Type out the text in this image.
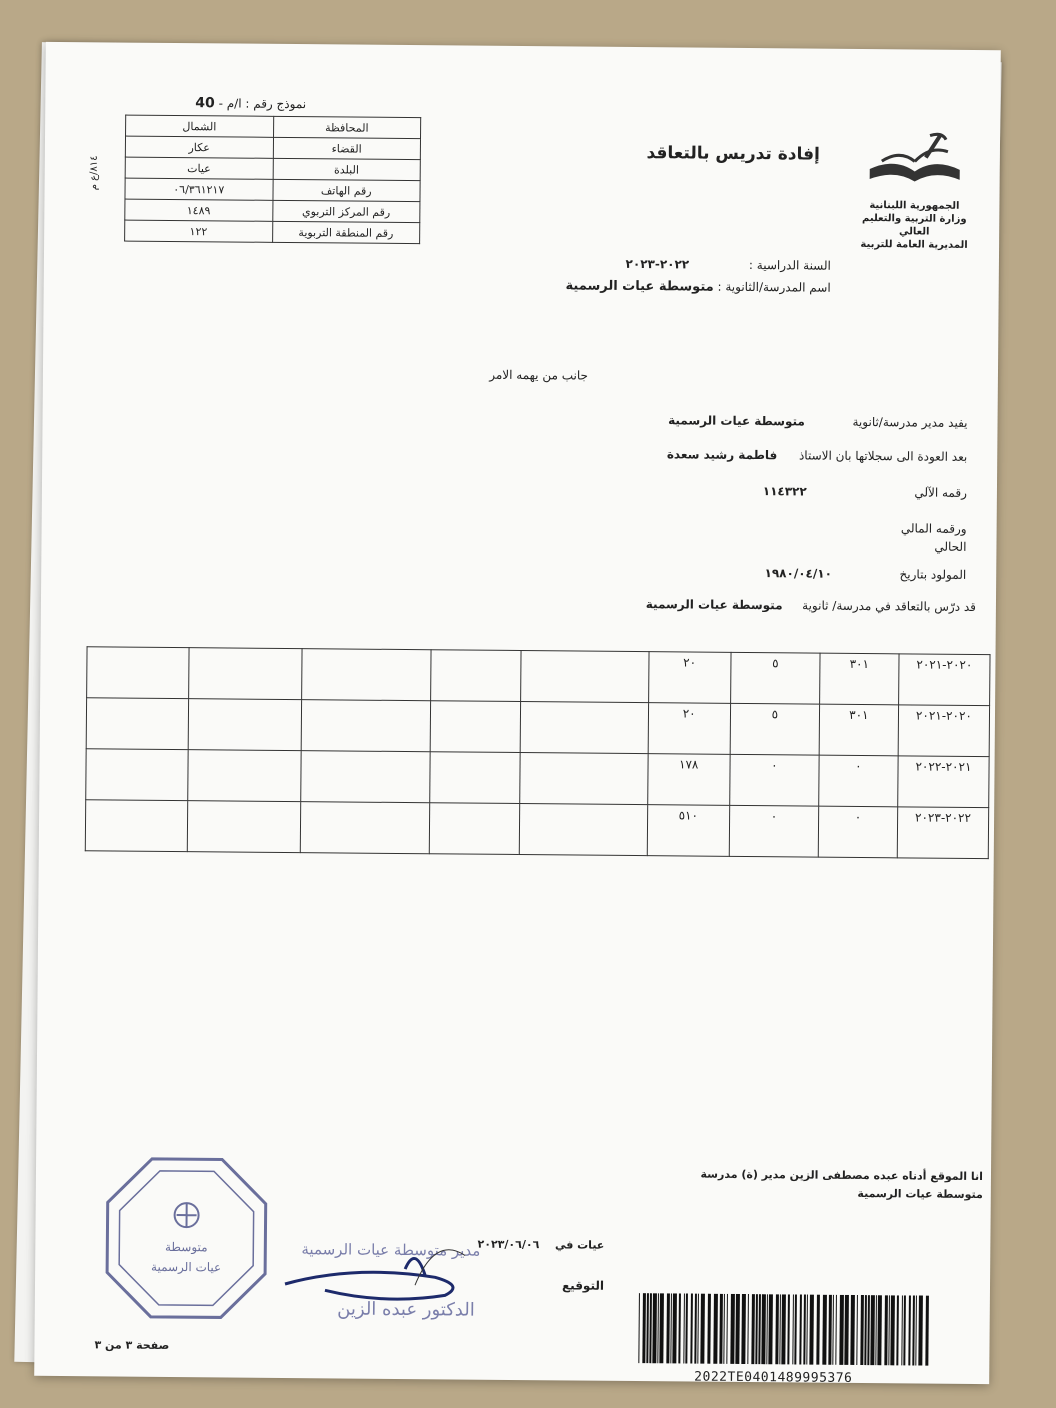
نموذج رقم : ا/م - 40
٨١٤/ع م
المحافظة	الشمال
القضاء	عكار
البلدة	عيات
رقم الهاتف	٠٦/٣٦١٢١٧
رقم المركز التربوي	١٤٨٩
رقم المنطقة التربوية	١٢٢
الجمهورية اللبنانية
وزارة التربية والتعليم العالي
المديرية العامة للتربية
إفادة تدريس بالتعاقد
السنة الدراسية : ٢٠٢٢-٢٠٢٣
اسم المدرسة/الثانوية : متوسطة عيات الرسمية
جانب من يهمه الامر
يفيد مدير مدرسة/ثانوية  متوسطة عيات الرسمية
بعد العودة الى سجلاتها بان الاستاذ  فاطمة رشيد سعدة
رقمه الآلي  ١١٤٣٢٢
ورقمه المالي
الحالي
المولود بتاريخ  ١٩٨٠/٠٤/١٠
قد درّس بالتعاقد في مدرسة/ ثانوية  متوسطة عيات الرسمية
٢٠٢٠-٢٠٢١	٣٠١	٥	٢٠					
٢٠٢٠-٢٠٢١	٣٠١	٥	٢٠					
٢٠٢١-٢٠٢٢	٠	٠	١٧٨					
٢٠٢٢-٢٠٢٣	٠	٠	٥١٠					
انا الموقع أدناه عبده مصطفى الزين مدير (ة) مدرسة متوسطة عيات الرسمية
عيات في  ٢٠٢٣/٠٦/٠٦
التوقيع
متوسطة
عيات الرسمية
مدير متوسطة عيات الرسمية
الدكتور عبده الزين
صفحة ٣ من ٣
2022TE0401489995376
